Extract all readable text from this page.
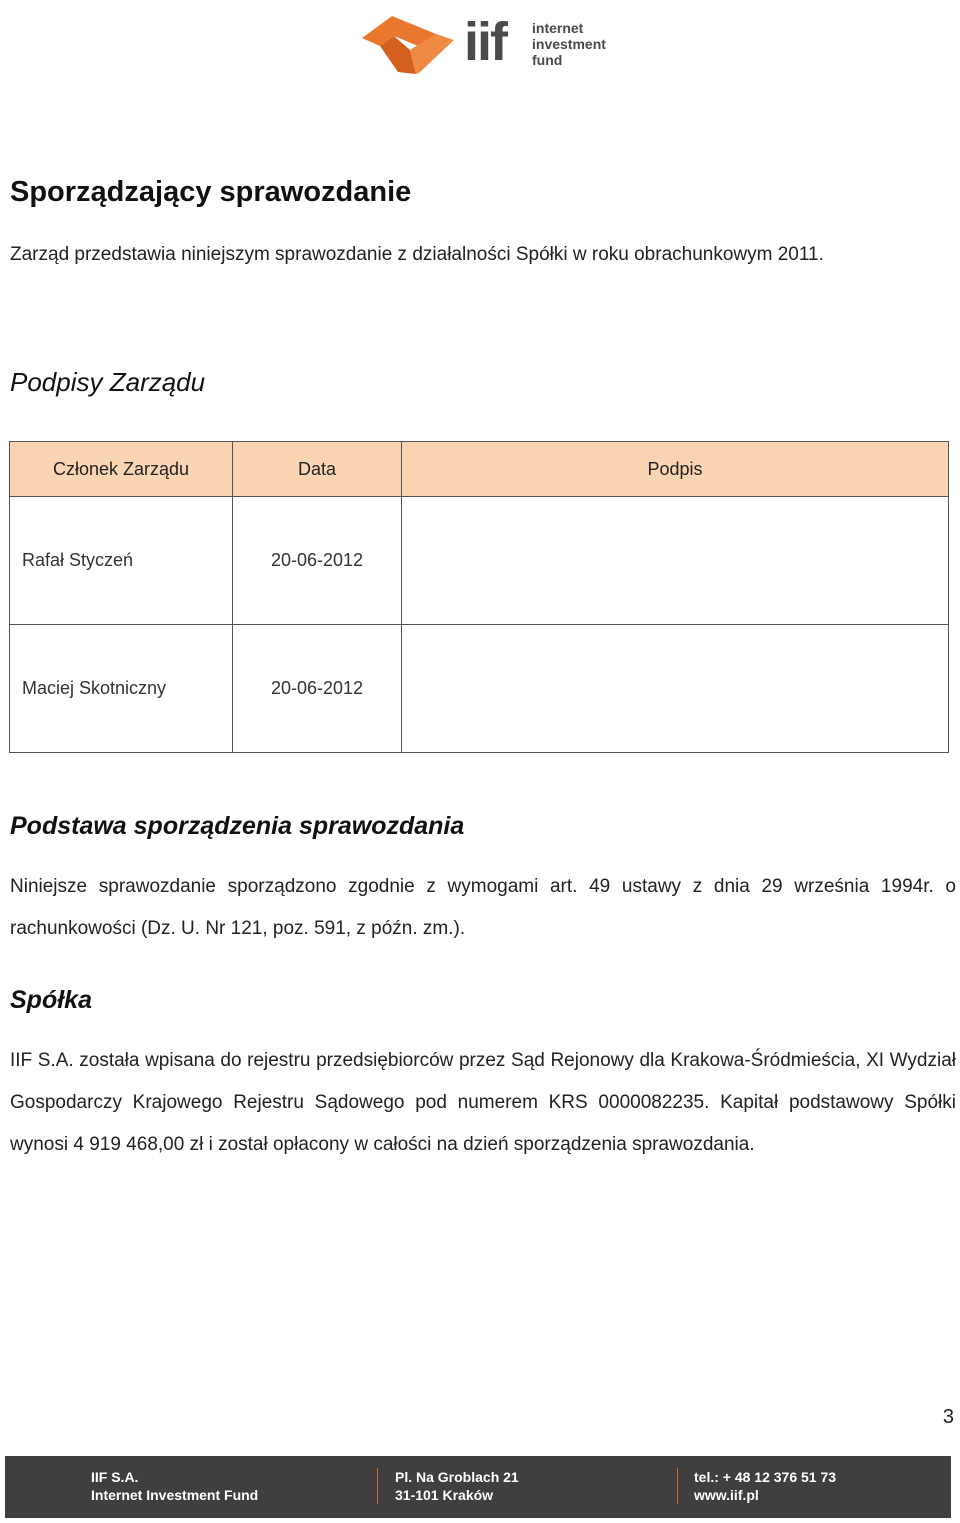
iif internet
investment
fund
Sporządzający sprawozdanie
Zarząd przedstawia niniejszym sprawozdanie z działalności Spółki w roku obrachunkowym 2011.
Podpisy Zarządu
Członek Zarządu	Data	Podpis
Rafał Styczeń	20-06-2012	
Maciej Skotniczny	20-06-2012	
Podstawa sporządzenia sprawozdania
Niniejsze sprawozdanie sporządzono zgodnie z wymogami art. 49 ustawy z dnia 29 września 1994r. o rachunkowości (Dz. U. Nr 121, poz. 591, z późn. zm.).
Spółka
IIF S.A. została wpisana do rejestru przedsiębiorców przez Sąd Rejonowy dla Krakowa-Śródmieścia, XI Wydział Gospodarczy Krajowego Rejestru Sądowego pod numerem KRS 0000082235. Kapitał podstawowy Spółki wynosi 4 919 468,00 zł i został opłacony w całości na dzień sporządzenia sprawozdania.
3
IIF S.A.
Internet Investment Fund
Pl. Na Groblach 21
31-101 Kraków
tel.: + 48 12 376 51 73
www.iif.pl
